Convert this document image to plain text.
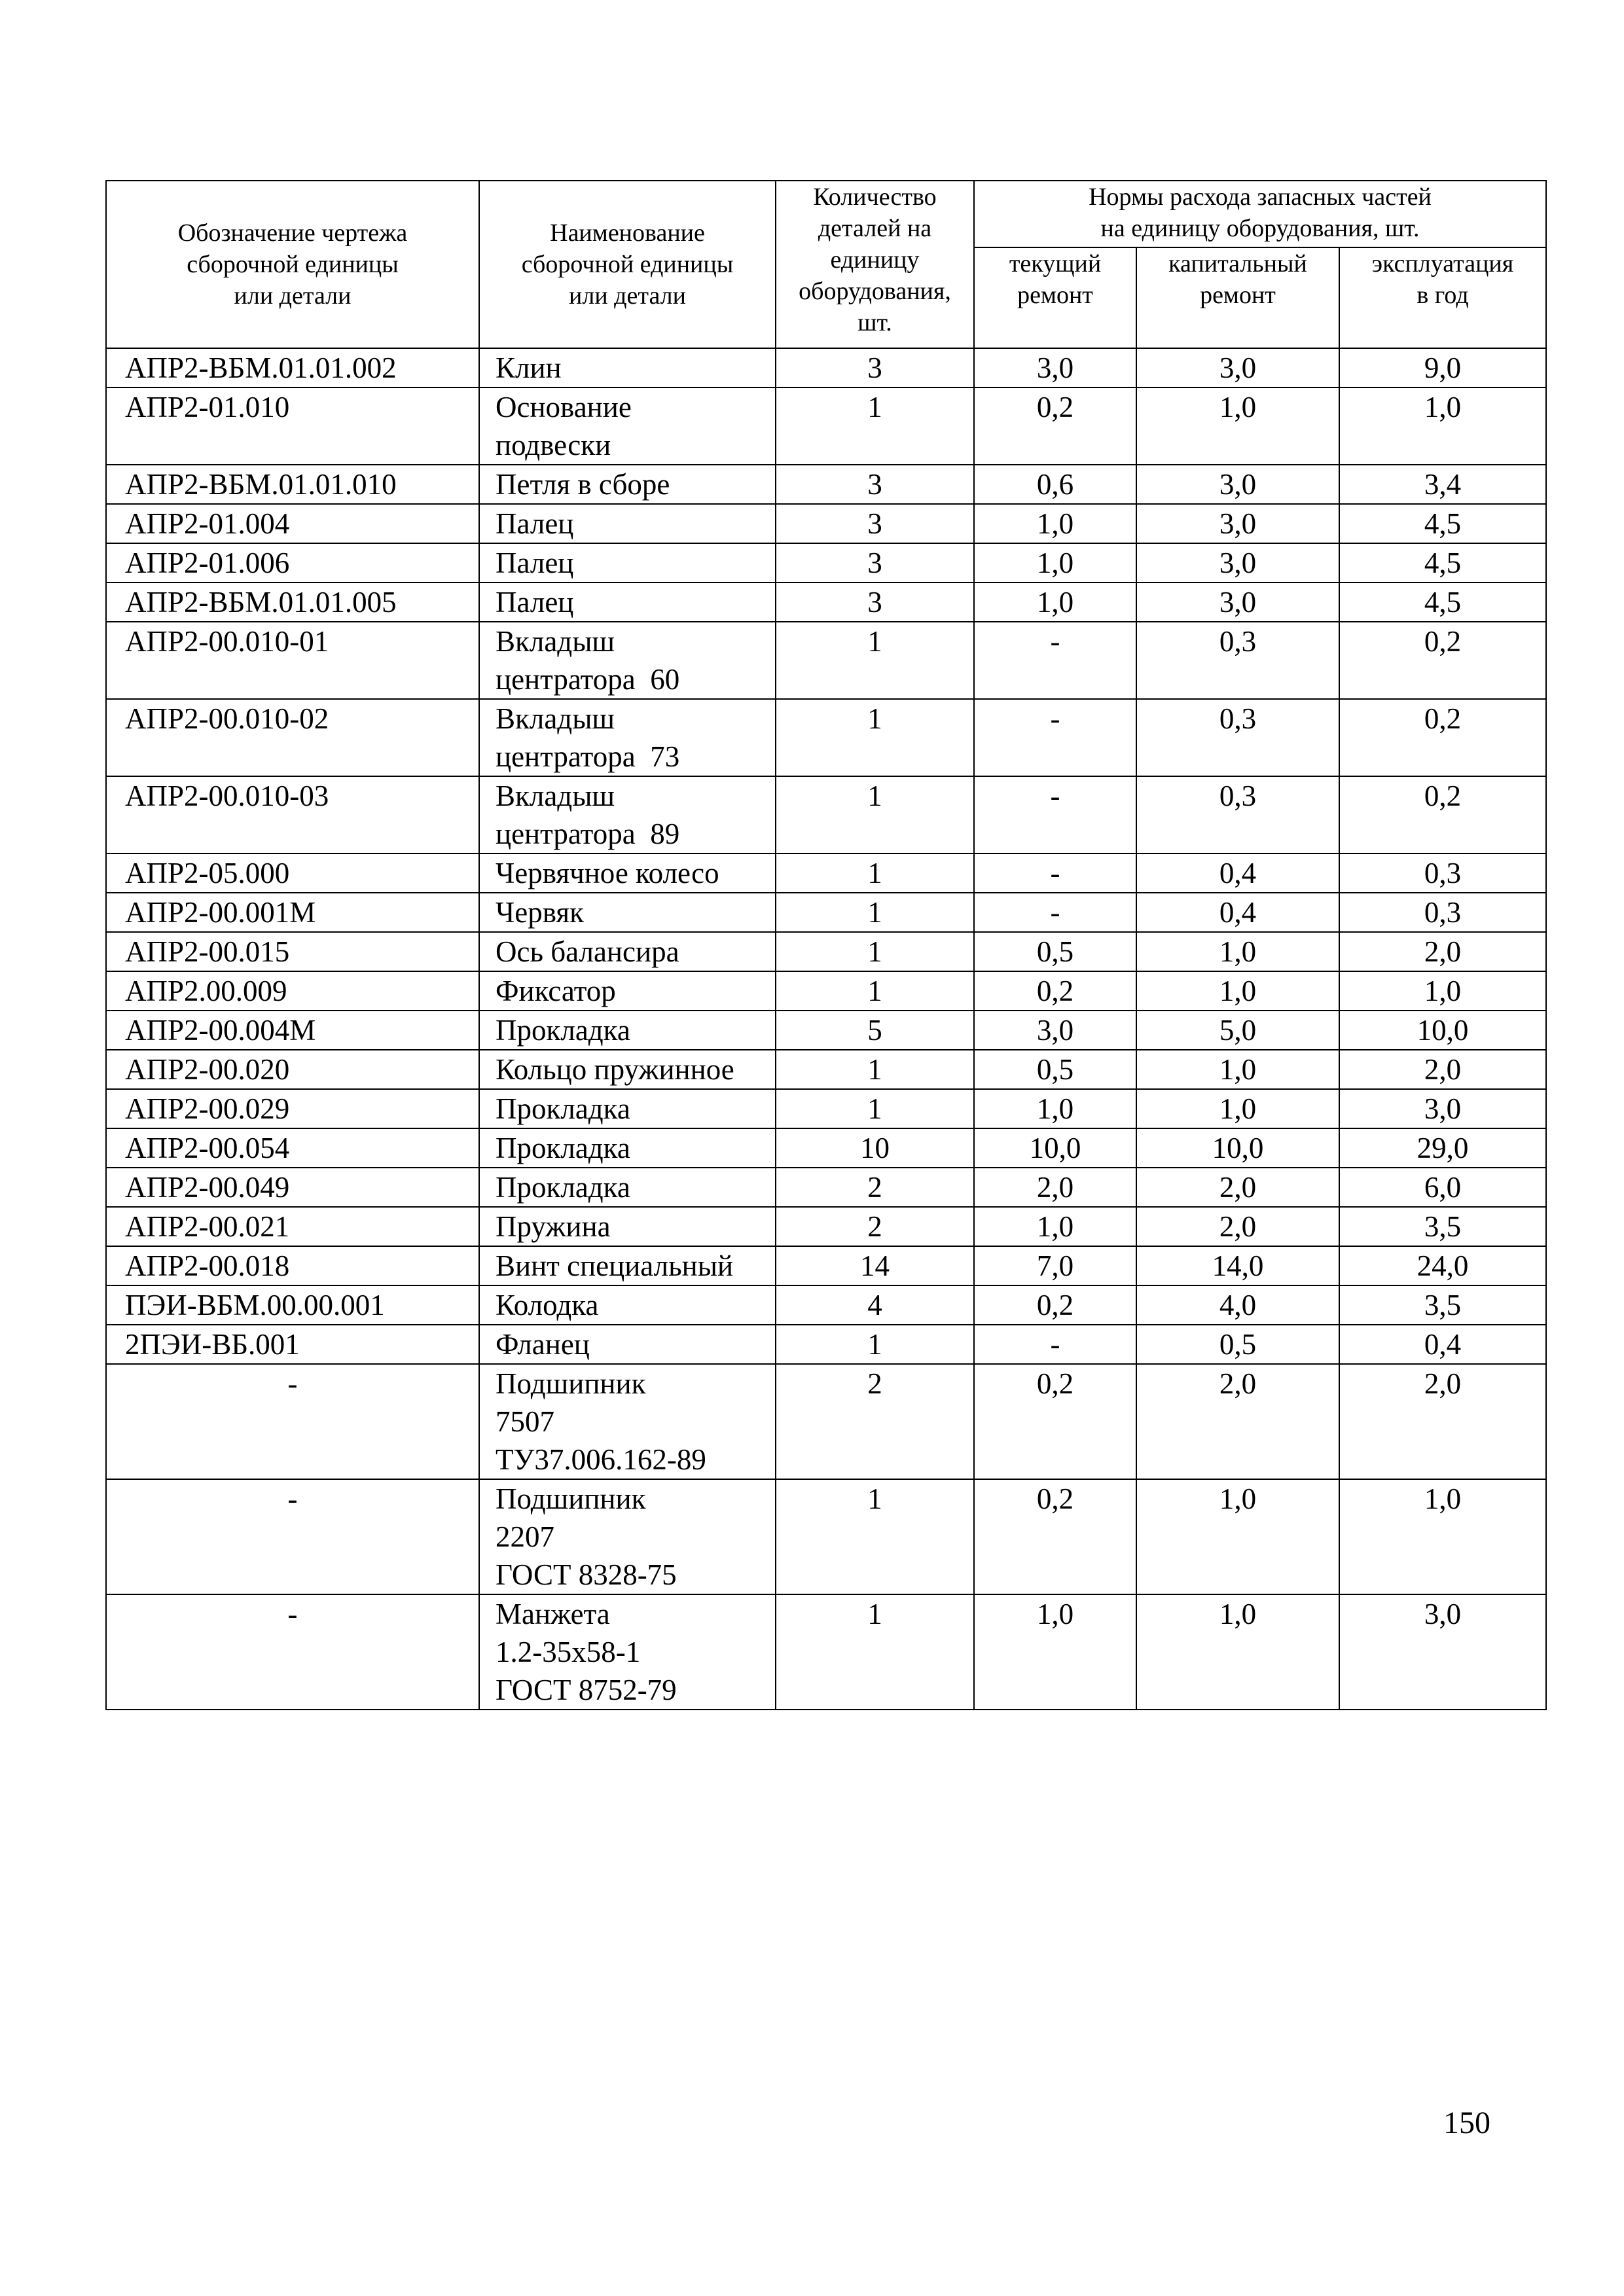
Обозначение чертежа
сборочной единицы
или детали	Наименование
сборочной единицы
или детали	Количество
деталей на
единицу
оборудования,
шт.	Нормы расхода запасных частей
на единицу оборудования, шт.		

			текущий
ремонт	капитальный
ремонт	эксплуатация
в год

АПР2-ВБМ.01.01.002	Клин	3	3,0	3,0	9,0
АПР2-01.010	Основание
подвески	1	0,2	1,0	1,0
АПР2-ВБМ.01.01.010	Петля в сборе	3	0,6	3,0	3,4
АПР2-01.004	Палец	3	1,0	3,0	4,5
АПР2-01.006	Палец	3	1,0	3,0	4,5
АПР2-ВБМ.01.01.005	Палец	3	1,0	3,0	4,5
АПР2-00.010-01	Вкладыш
центратора  60	1	-	0,3	0,2
АПР2-00.010-02	Вкладыш
центратора  73	1	-	0,3	0,2
АПР2-00.010-03	Вкладыш
центратора  89	1	-	0,3	0,2
АПР2-05.000	Червячное колесо	1	-	0,4	0,3
АПР2-00.001М	Червяк	1	-	0,4	0,3
АПР2-00.015	Ось балансира	1	0,5	1,0	2,0
АПР2.00.009	Фиксатор	1	0,2	1,0	1,0
АПР2-00.004М	Прокладка	5	3,0	5,0	10,0
АПР2-00.020	Кольцо пружинное	1	0,5	1,0	2,0
АПР2-00.029	Прокладка	1	1,0	1,0	3,0
АПР2-00.054	Прокладка	10	10,0	10,0	29,0
АПР2-00.049	Прокладка	2	2,0	2,0	6,0
АПР2-00.021	Пружина	2	1,0	2,0	3,5
АПР2-00.018	Винт специальный	14	7,0	14,0	24,0
ПЭИ-ВБМ.00.00.001	Колодка	4	0,2	4,0	3,5
2ПЭИ-ВБ.001	Фланец	1	-	0,5	0,4
-	Подшипник
7507
ТУ37.006.162-89	2	0,2	2,0	2,0
-	Подшипник
2207
ГОСТ 8328-75	1	0,2	1,0	1,0
-	Манжета
1.2-35х58-1
ГОСТ 8752-79	1	1,0	1,0	3,0
150
